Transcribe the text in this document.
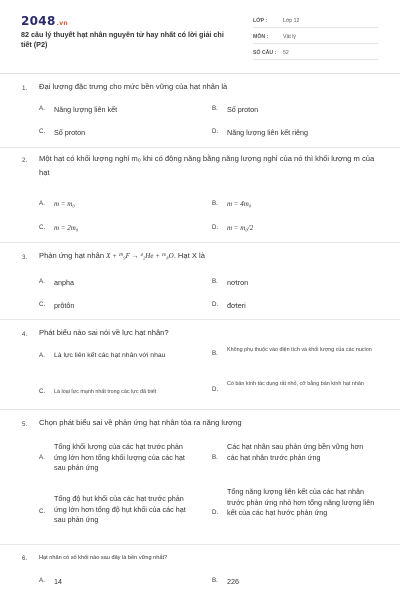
2048.vn
82 câu lý thuyết hạt nhân nguyên tử hay nhất có lời giải chi tiết (P2)
LỚP :	Lớp 12
MÔN :	Vật lý
SỐ CÂU : 52
1. Đại lượng đặc trưng cho mức bền vững của hạt nhân là
A. Năng lượng liên kết	B. Số proton
C. Số proton	D. Năng lượng liên kết riêng
2. Một hạt có khối lượng nghỉ m₀ khi có động năng bằng năng lượng nghỉ của nó thì khối lượng m của hạt
A. m = m₀	B. m = 4m₀
C. m = 2m₀	D. m = m₀/2
3. Phản ứng hạt nhân X + ¹⁹₉F → ⁴₂He + ¹⁶₈O. Hạt X là
A. anpha	B. nơtron
C. prôtôn	D. đơteri
4. Phát biểu nào sai nói về lực hạt nhân?
A. Là lực liên kết các hạt nhân với nhau	B. Không phụ thuộc vào điện tích và khối lượng của các nuclon
C. Là loại lực mạnh nhất trong các lực đã biết	D.
Có bán kính tác dụng rất nhỏ, cỡ bằng bán kính hạt nhân
5. Chọn phát biểu sai về phản ứng hạt nhân tỏa ra năng lượng
A.
Tổng khối lượng của các hạt trước phản ứng lớn hơn tổng khối lượng của các hạt sau phản ứng
B.
Các hạt nhân sau phản ứng bền vững hơn các hạt nhân trước phản ứng
C.
Tổng độ hụt khối của các hạt trước phản ứng lớn hơn tổng độ hụt khối của các hạt sau phản ứng
D.
Tổng năng lượng liên kết của các hạt nhân trước phản ứng nhỏ hơn tổng năng lượng liên kết của các hạt hước phản ứng
6. Hạt nhân có số khối nào sau đây là bền vững nhất?
A. 14	B. 226
